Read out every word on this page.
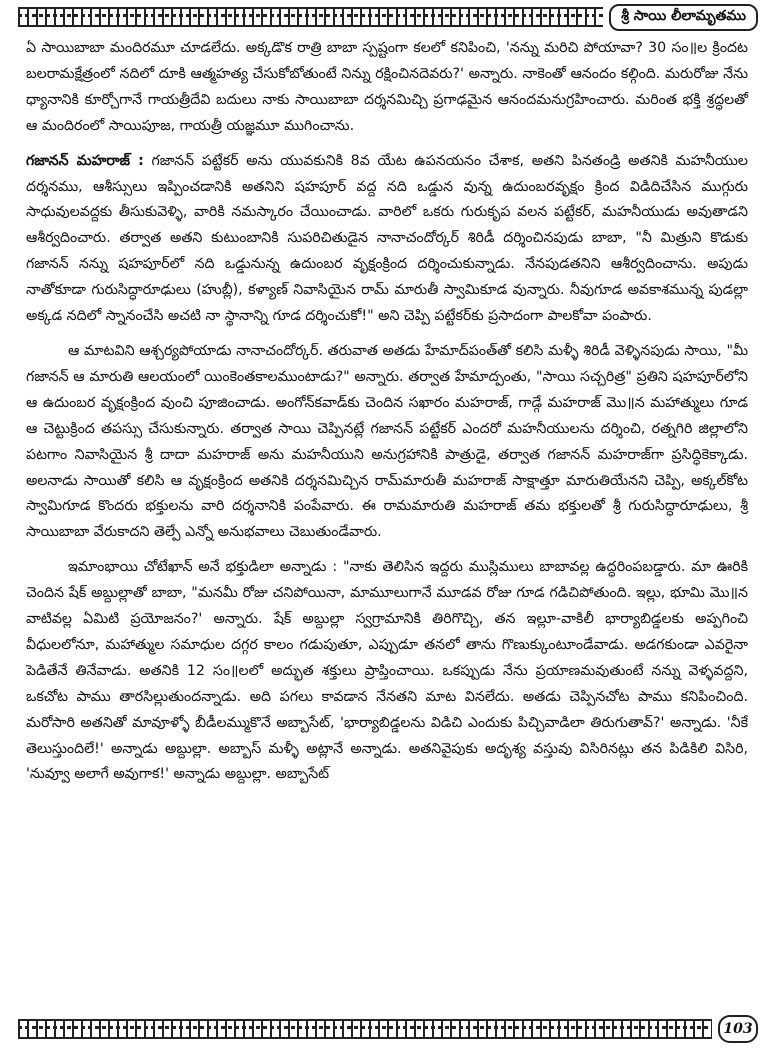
శ్రీ సాయి లీలామృతము

ఏ సాయిబాబా మందిరమూ చూడలేదు. అక్కడొక రాత్రి బాబా స్పష్టంగా కలలో కనిపించి, 'నన్ను మరిచి పోయావా? 30 సం॥ల క్రిందట బలరామక్షేత్రంలో నదిలో దూకి ఆత్మహత్య చేసుకోబోతుంటే నిన్ను రక్షించినదెవరు?' అన్నారు. నాకెంతో ఆనందం కల్గింది. మరురోజు నేను ధ్యానానికి కూర్చోగానే గాయత్రీదేవి బదులు నాకు సాయిబాబా దర్శనమిచ్చి ప్రగాఢమైన ఆనందమనుగ్రహించారు. మరింత భక్తి శ్రద్ధలతో ఆ మందిరంలో సాయిపూజ, గాయత్రీ యజ్ఞమూ ముగించాను.

గజానన్ మహరాజ్ : గజానన్ పట్టేకర్ అను యువకునికి 8వ యేట ఉపనయనం చేశాక, అతని పినతండ్రి అతనికి మహనీయుల దర్శనము, ఆశీస్సులు ఇప్పించడానికి అతనిని షహపూర్ వద్ద నది ఒడ్డున వున్న ఉదుంబరవృక్షం క్రింద విడిదిచేసిన ముగ్గురు సాధువులవద్దకు తీసుకువెళ్ళి, వారికి నమస్కారం చేయించాడు. వారిలో ఒకరు గురుకృప వలన పట్టేకర్, మహనీయుడు అవుతాడని ఆశీర్వదించారు. తర్వాత అతని కుటుంబానికి సుపరిచితుడైన నానాచందోర్కర్ శిరిడీ దర్శించినపుడు బాబా, "నీ మిత్రుని కొడుకు గజానన్ నన్ను షహపూర్‌లో నది ఒడ్డునున్న ఉదుంబర వృక్షంక్రింద దర్శించుకున్నాడు. నేనపుడతనిని ఆశీర్వదించాను. అపుడు నాతోకూడా గురుసిద్ధారూఢులు (హుబ్లీ), కళ్యాణ్ నివాసియైన రామ్ మారుతీ స్వామికూడ వున్నారు. నీవుగూడ అవకాశమున్న పుడల్లా అక్కడ నదిలో స్నానంచేసి అచటి నా స్థానాన్ని గూడ దర్శించుకో!" అని చెప్పి పట్టేకర్‌కు ప్రసాదంగా పాలకోవా పంపారు.

ఆ మాటవిని ఆశ్చర్యపోయాడు నానాచందోర్కర్. తరువాత అతడు హేమాద్‌పంత్‌తో కలిసి మళ్ళీ శిరిడీ వెళ్ళినపుడు సాయి, "మీ గజానన్ ఆ మారుతి ఆలయంలో యింకెంతకాలముంటాడు?" అన్నారు. తర్వాత హేమాద్పంతు, "సాయి సచ్చరిత్ర" ప్రతిని షహపూర్‌లోని ఆ ఉదుంబర వృక్షంక్రింద వుంచి పూజించాడు. అంగోన్‌కవాడ్‌కు చెందిన సఖారం మహరాజ్, గాడ్గే మహరాజ్ మొ॥న మహాత్ములు గూడ ఆ చెట్టుక్రింద తపస్సు చేసుకున్నారు. తర్వాత సాయి చెప్పినట్లే గజానన్ పట్టేకర్ ఎందరో మహనీయులను దర్శించి, రత్నగిరి జిల్లాలోని పటగాం నివాసియైన శ్రీ దాదా మహరాజ్ అను మహనీయుని అనుగ్రహానికి పాత్రుడై, తర్వాత గజానన్ మహరాజ్‌గా ప్రసిద్ధికెక్కాడు. అలనాడు సాయితో కలిసి ఆ వృక్షంక్రింద అతనికి దర్శనమిచ్చిన రామ్‌మారుతీ మహరాజ్ సాక్షాత్తూ మారుతియేనని చెప్పి, అక్కల్‌కోట స్వామిగూడ కొందరు భక్తులను వారి దర్శనానికి పంపేవారు. ఈ రామమారుతి మహరాజ్ తమ భక్తులతో శ్రీ గురుసిద్ధారూఢులు, శ్రీ సాయిబాబా వేరుకాదని తెల్పే ఎన్నో అనుభవాలు చెబుతుండేవారు.

ఇమాంభాయి చోటేఖాన్ అనే భక్తుడిలా అన్నాడు : "నాకు తెలిసిన ఇద్దరు ముస్లిములు బాబావల్ల ఉద్ధరింపబడ్డారు. మా ఊరికి చెందిన షేక్ అబ్దుల్లాతో బాబా, "మనమీ రోజు చనిపోయినా, మామూలుగానే మూడవ రోజు గూడ గడిచిపోతుంది. ఇల్లు, భూమి మొ॥న వాటివల్ల ఏమిటి ప్రయోజనం?' అన్నారు. షేక్ అబ్దుల్లా స్వగ్రామానికి తిరిగొచ్చి, తన ఇల్లూ-వాకిలీ భార్యాబిడ్డలకు అప్పగించి వీధులలోనూ, మహాత్ముల సమాధుల దగ్గర కాలం గడుపుతూ, ఎప్పుడూ తనలో తాను గొణుక్కుంటూండేవాడు. అడగకుండా ఎవరైనా పెడితేనే తినేవాడు. అతనికి 12 సం॥లలో అద్భుత శక్తులు ప్రాప్తించాయి. ఒకప్పుడు నేను ప్రయాణమవుతుంటే నన్ను వెళ్ళవద్దని, ఒకచోట పాము తారసిల్లుతుందన్నాడు. అది పగలు కావడాన నేనతని మాట వినలేదు. అతడు చెప్పినచోట పాము కనిపించింది. మరోసారి అతనితో మావూళ్ళో బీడీలమ్ముకొనే అబ్బాసేట్, 'భార్యాబిడ్డలను విడిచి ఎందుకు పిచ్చివాడిలా తిరుగుతావ్?' అన్నాడు. 'నీకే తెలుస్తుందిలే!' అన్నాడు అబ్దుల్లా. అబ్బాస్ మళ్ళీ అట్లానే అన్నాడు. అతనివైపుకు అదృశ్య వస్తువు విసిరినట్లు తన పిడికిలి విసిరి, 'నువ్వూ అలాగే అవుగాక!' అన్నాడు అబ్దుల్లా. అబ్బాసేట్

103
